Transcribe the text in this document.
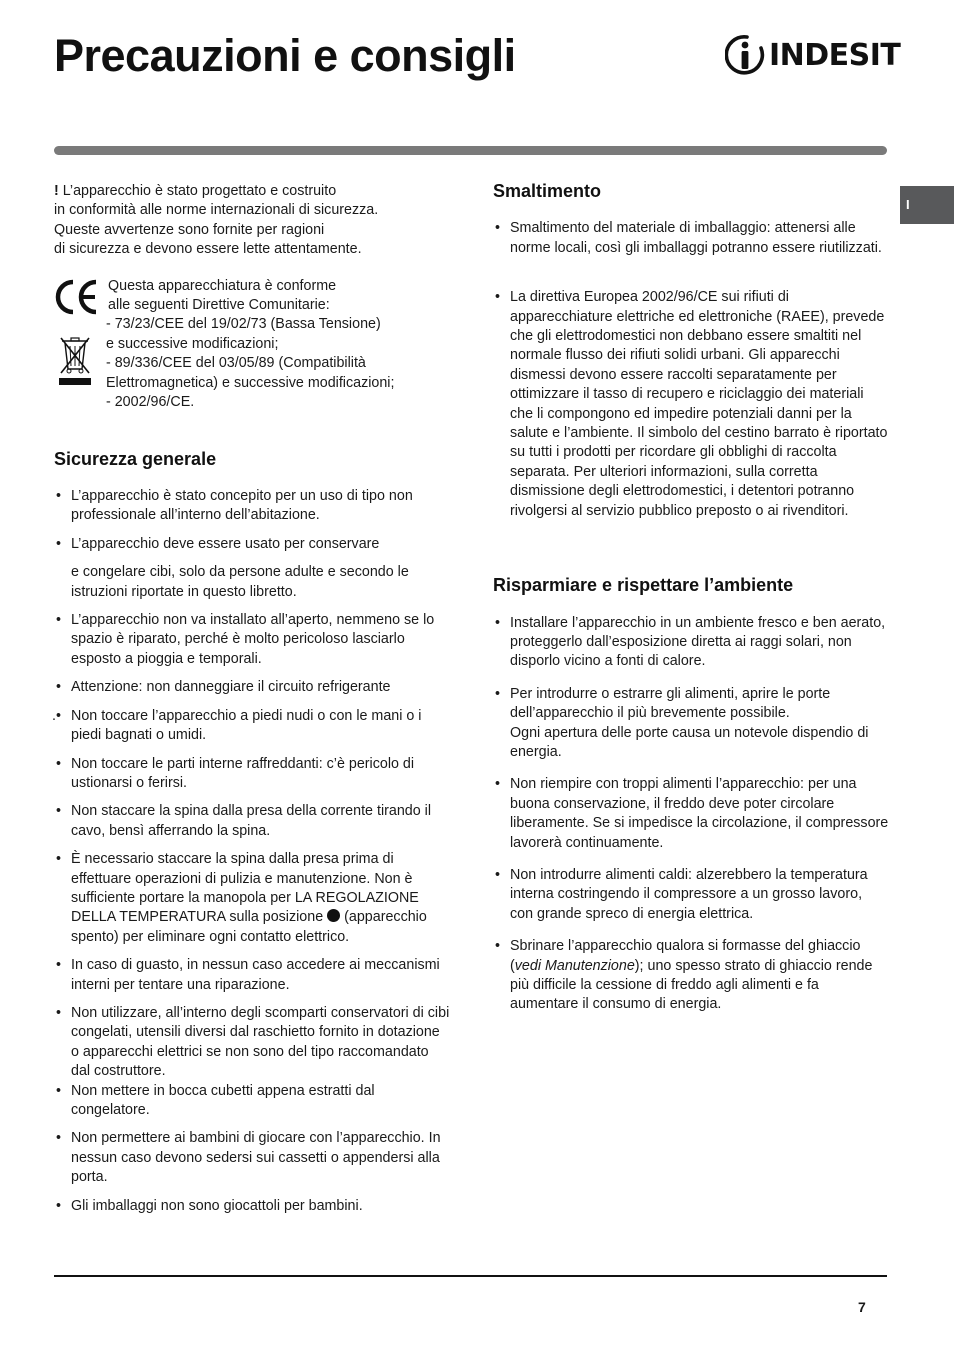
Precauzioni e consigli	INDESIT
I

! L’apparecchio è stato progettato e costruito
in conformità alle norme internazionali di sicurezza.
Queste avvertenze sono fornite per ragioni
di sicurezza e devono essere lette attentamente.

Questa apparecchiatura è conforme
alle seguenti Direttive Comunitarie:
- 73/23/CEE del 19/02/73 (Bassa Tensione)
e successive modificazioni;
- 89/336/CEE del 03/05/89 (Compatibilità
Elettromagnetica) e successive modificazioni;
- 2002/96/CE.
Sicurezza generale
• L’apparecchio è stato concepito per un uso di tipo non professionale all’interno dell’abitazione.
• L’apparecchio deve essere usato per conservare
e congelare cibi, solo da persone adulte e secondo le istruzioni riportate in questo libretto.
• L’apparecchio non va installato all’aperto, nemmeno se lo spazio è riparato, perché è molto pericoloso lasciarlo esposto a pioggia e temporali.
• Attenzione: non danneggiare il circuito refrigerante
. • Non toccare l’apparecchio a piedi nudi o con le mani o i piedi bagnati o umidi.
• Non toccare le parti interne raffreddanti: c’è pericolo di ustionarsi o ferirsi.
• Non staccare la spina dalla presa della corrente tirando il cavo, bensì afferrando la spina.
• È necessario staccare la spina dalla presa prima di effettuare operazioni di pulizia e manutenzione. Non è sufficiente portare la manopola per LA REGOLAZIONE DELLA TEMPERATURA sulla posizione (apparecchio spento) per eliminare ogni contatto elettrico.
• In caso di guasto, in nessun caso accedere ai meccanismi interni per tentare una riparazione.
• Non utilizzare, all’interno degli scomparti conservatori di cibi congelati, utensili diversi dal raschietto fornito in dotazione o apparecchi elettrici se non sono del tipo raccomandato dal costruttore.
• Non mettere in bocca cubetti appena estratti dal congelatore.
• Non permettere ai bambini di giocare con l’apparecchio. In nessun caso devono sedersi sui cassetti o appendersi alla porta.
• Gli imballaggi non sono giocattoli per bambini.
Smaltimento
• Smaltimento del materiale di imballaggio: attenersi alle norme locali, così gli imballaggi potranno essere riutilizzati.
• La direttiva Europea 2002/96/CE sui rifiuti di apparecchiature elettriche ed elettroniche (RAEE), prevede che gli elettrodomestici non debbano essere smaltiti nel normale flusso dei rifiuti solidi urbani. Gli apparecchi dismessi devono essere raccolti separatamente per ottimizzare il tasso di recupero e riciclaggio dei materiali che li compongono ed impedire potenziali danni per la salute e l’ambiente. Il simbolo del cestino barrato è riportato su tutti i prodotti per ricordare gli obblighi di raccolta separata. Per ulteriori informazioni, sulla corretta dismissione degli elettrodomestici, i detentori potranno rivolgersi al servizio pubblico preposto o ai rivenditori.
Risparmiare e rispettare l’ambiente
• Installare l’apparecchio in un ambiente fresco e ben aerato, proteggerlo dall’esposizione diretta ai raggi solari, non disporlo vicino a fonti di calore.
• Per introdurre o estrarre gli alimenti, aprire le porte dell’apparecchio il più brevemente possibile.
Ogni apertura delle porte causa un notevole dispendio di energia.
• Non riempire con troppi alimenti l’apparecchio: per una buona conservazione, il freddo deve poter circolare liberamente. Se si impedisce la circolazione, il compressore lavorerà continuamente.
• Non introdurre alimenti caldi: alzerebbero la temperatura interna costringendo il compressore a un grosso lavoro, con grande spreco di energia elettrica.
• Sbrinare l’apparecchio qualora si formasse del ghiaccio (vedi Manutenzione); uno spesso strato di ghiaccio rende più difficile la cessione di freddo agli alimenti e fa aumentare il consumo di energia.
7
